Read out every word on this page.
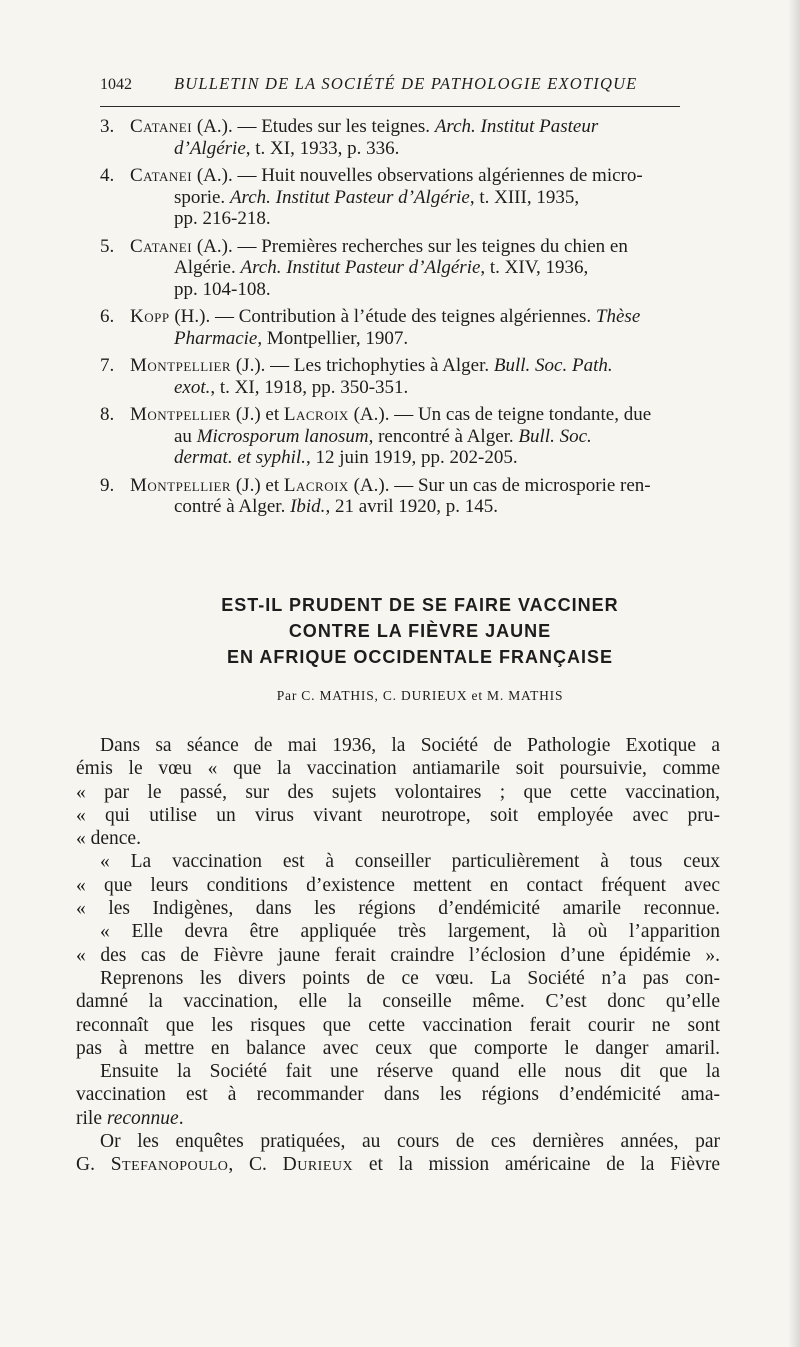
1042	BULLETIN DE LA SOCIÉTÉ DE PATHOLOGIE EXOTIQUE
3. Catanei (A.). — Etudes sur les teignes. Arch. Institut Pasteur
d’Algérie, t. XI, 1933, p. 336.
4. Catanei (A.). — Huit nouvelles observations algériennes de micro-
sporie. Arch. Institut Pasteur d’Algérie, t. XIII, 1935,
pp. 216-218.
5. Catanei (A.). — Premières recherches sur les teignes du chien en
Algérie. Arch. Institut Pasteur d’Algérie, t. XIV, 1936,
pp. 104-108.
6. Kopp (H.). — Contribution à l’étude des teignes algériennes. Thèse
Pharmacie, Montpellier, 1907.
7. Montpellier (J.). — Les trichophyties à Alger. Bull. Soc. Path.
exot., t. XI, 1918, pp. 350-351.
8. Montpellier (J.) et Lacroix (A.). — Un cas de teigne tondante, due
au Microsporum lanosum, rencontré à Alger. Bull. Soc.
dermat. et syphil., 12 juin 1919, pp. 202-205.
9. Montpellier (J.) et Lacroix (A.). — Sur un cas de microsporie ren-
contré à Alger. Ibid., 21 avril 1920, p. 145.
EST-IL PRUDENT DE SE FAIRE VACCINER
CONTRE LA FIÈVRE JAUNE
EN AFRIQUE OCCIDENTALE FRANÇAISE
Par C. MATHIS, C. DURIEUX et M. MATHIS
Dans sa séance de mai 1936, la Société de Pathologie Exotique a
émis le vœu « que la vaccination antiamarile soit poursuivie, comme
« par le passé, sur des sujets volontaires ; que cette vaccination,
« qui utilise un virus vivant neurotrope, soit employée avec pru-
« dence.
« La vaccination est à conseiller particulièrement à tous ceux
« que leurs conditions d’existence mettent en contact fréquent avec
« les Indigènes, dans les régions d’endémicité amarile reconnue.
« Elle devra être appliquée très largement, là où l’apparition
« des cas de Fièvre jaune ferait craindre l’éclosion d’une épidémie ».
Reprenons les divers points de ce vœu. La Société n’a pas con-
damné la vaccination, elle la conseille même. C’est donc qu’elle
reconnaît que les risques que cette vaccination ferait courir ne sont
pas à mettre en balance avec ceux que comporte le danger amaril.
Ensuite la Société fait une réserve quand elle nous dit que la
vaccination est à recommander dans les régions d’endémicité ama-
rile reconnue.
Or les enquêtes pratiquées, au cours de ces dernières années, par
G. Stefanopoulo, C. Durieux et la mission américaine de la Fièvre
